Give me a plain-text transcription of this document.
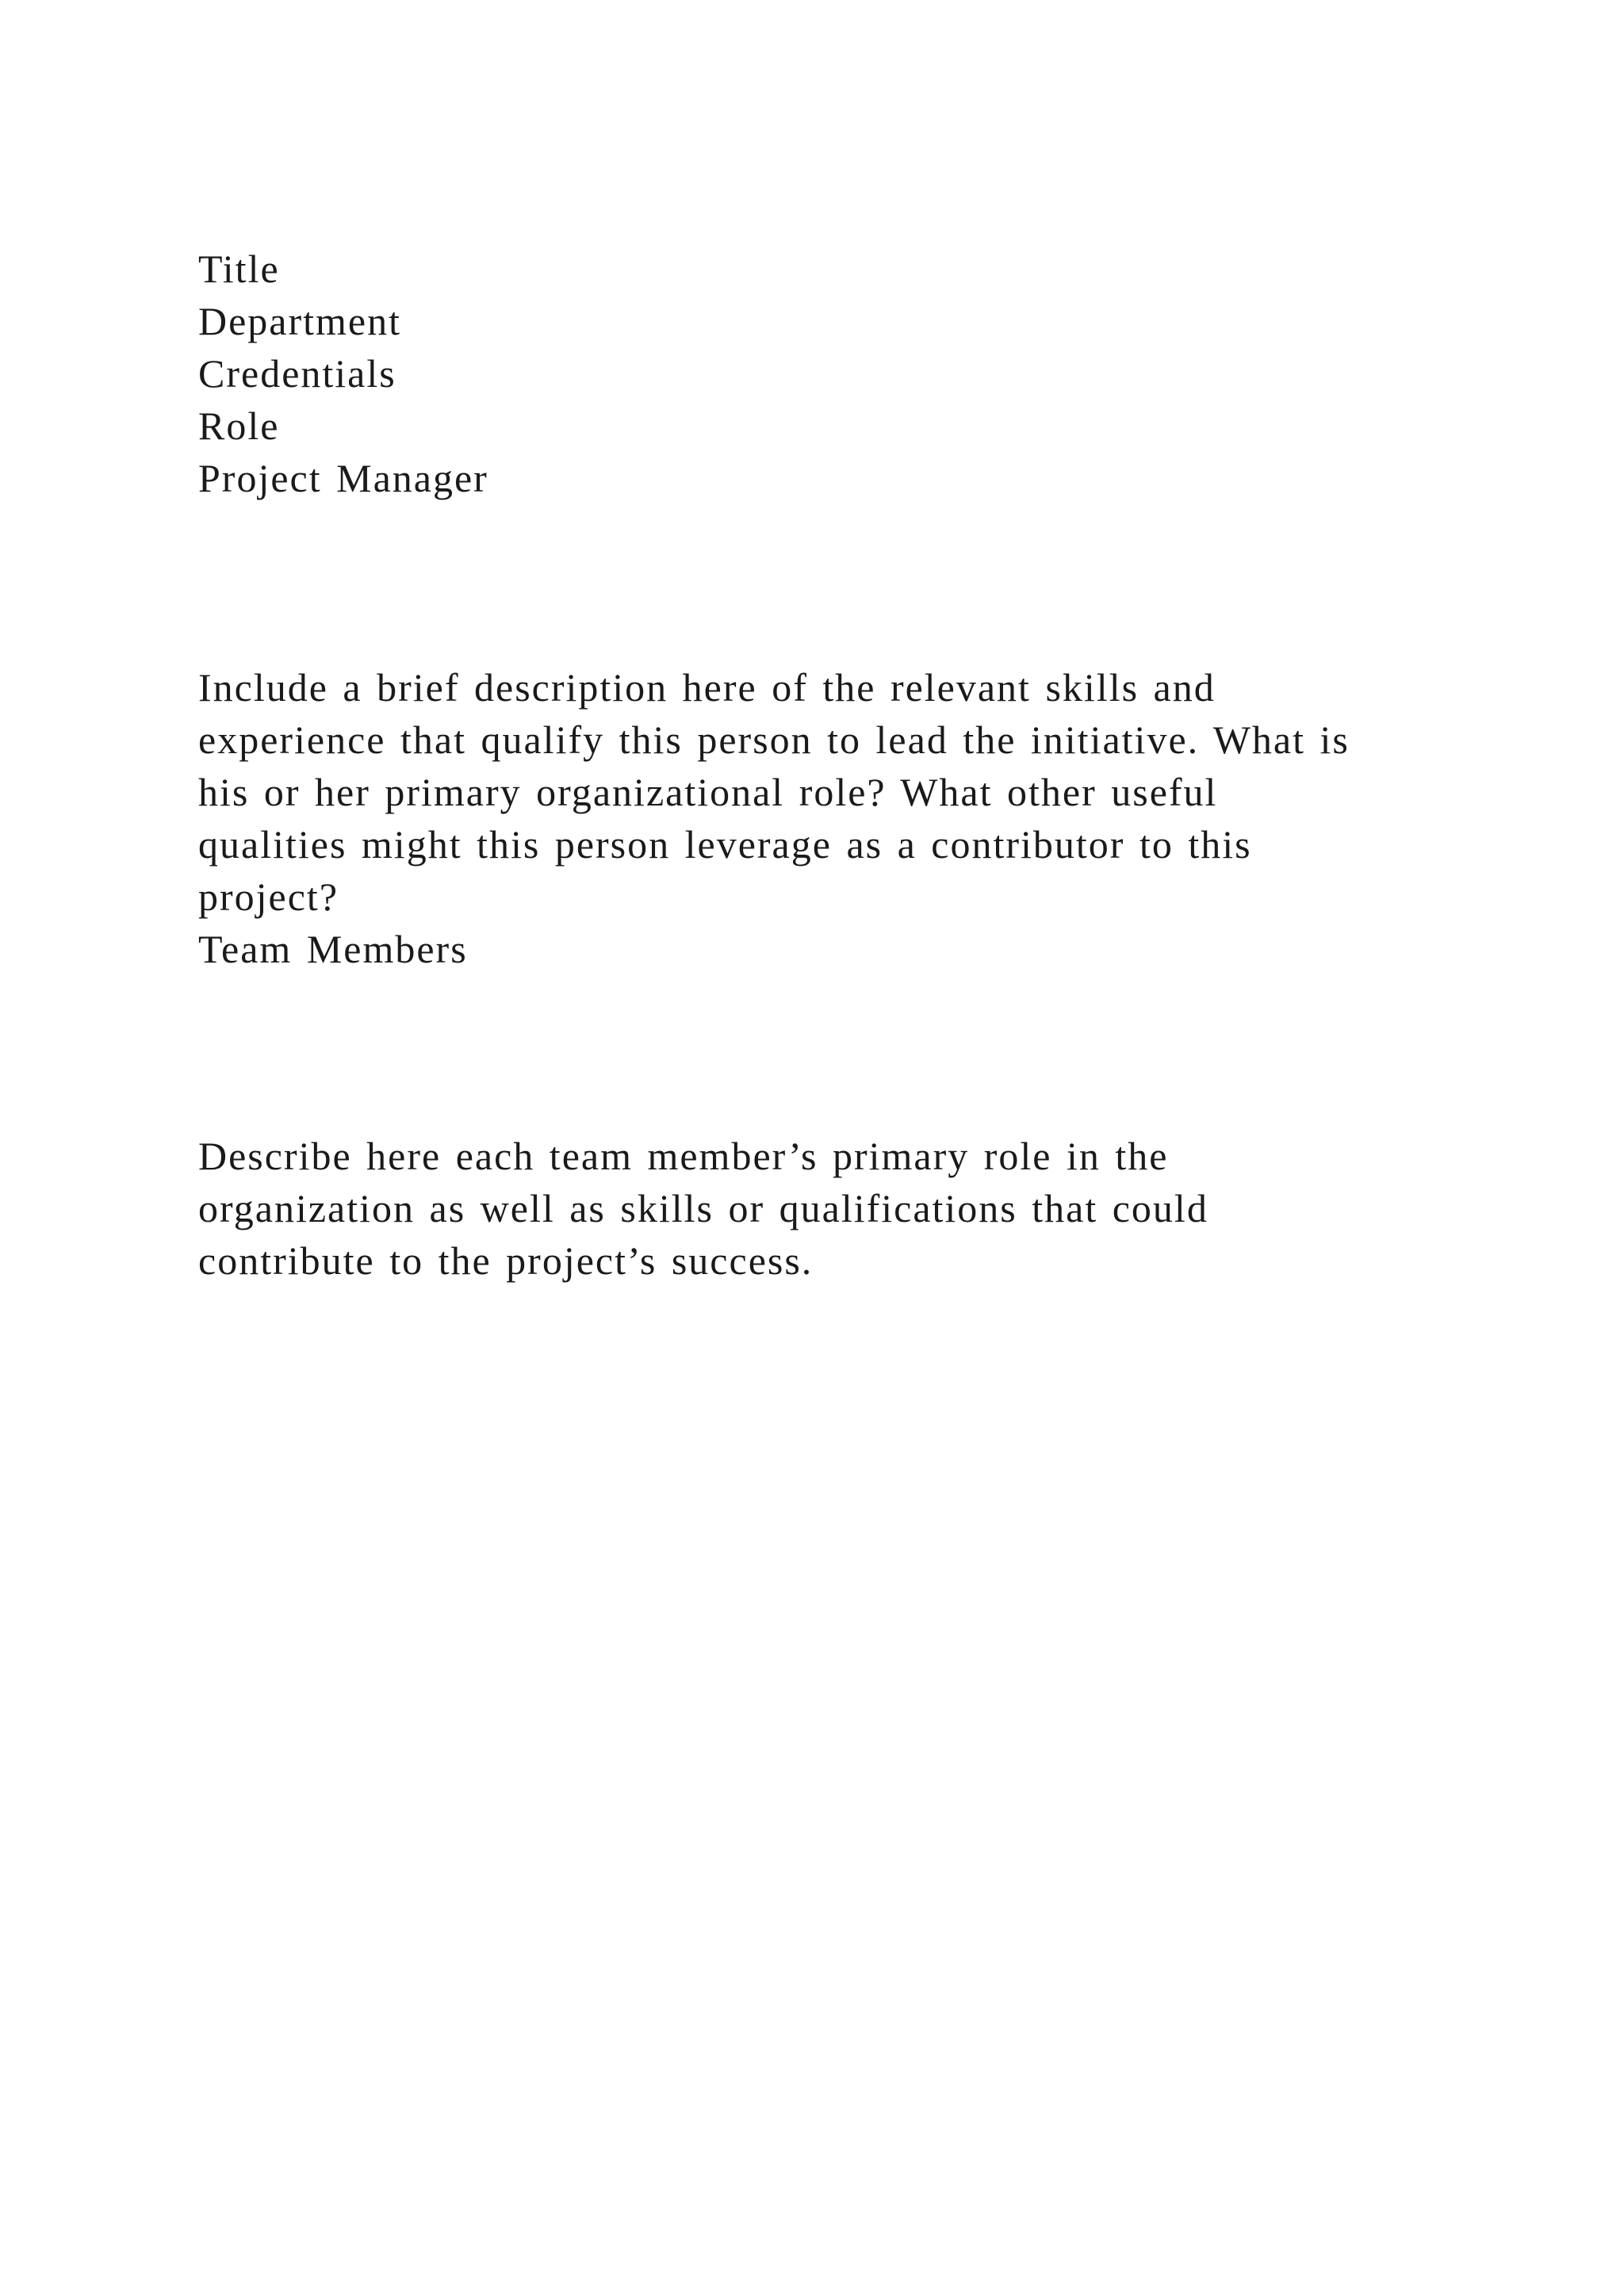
Title
Department
Credentials
Role
Project Manager
Include a brief description here of the relevant skills and
experience that qualify this person to lead the initiative. What is
his or her primary organizational role? What other useful
qualities might this person leverage as a contributor to this
project?
Team Members
Describe here each team member’s primary role in the
organization as well as skills or qualifications that could
contribute to the project’s success.
